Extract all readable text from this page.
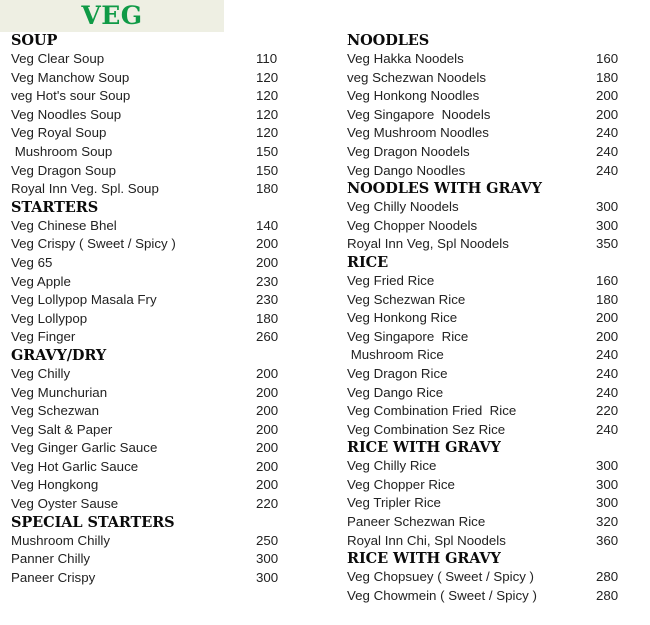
VEG
SOUP
Veg Clear Soup	110
Veg Manchow Soup	120
veg Hot's sour Soup	120
Veg Noodles Soup	120
Veg Royal Soup	120
Mushroom Soup	150
Veg Dragon Soup	150
Royal Inn Veg. Spl. Soup	180
STARTERS
Veg Chinese Bhel	140
Veg Crispy ( Sweet / Spicy )	200
Veg 65	200
Veg Apple	230
Veg Lollypop Masala Fry	230
Veg Lollypop	180
Veg Finger	260
GRAVY/DRY
Veg Chilly	200
Veg Munchurian	200
Veg Schezwan	200
Veg Salt & Paper	200
Veg Ginger Garlic Sauce	200
Veg Hot Garlic Sauce	200
Veg Hongkong	200
Veg Oyster Sause	220
SPECIAL STARTERS
Mushroom Chilly	250
Panner Chilly	300
Paneer Crispy	300
NOODLES
Veg Hakka Noodels	160
veg Schezwan Noodels	180
Veg Honkong Noodles	200
Veg Singapore  Noodels	200
Veg Mushroom Noodles	240
Veg Dragon Noodels	240
Veg Dango Noodles	240
NOODLES WITH GRAVY
Veg Chilly Noodels	300
Veg Chopper Noodels	300
Royal Inn Veg, Spl Noodels	350
RICE
Veg Fried Rice	160
Veg Schezwan Rice	180
Veg Honkong Rice	200
Veg Singapore  Rice	200
Mushroom Rice	240
Veg Dragon Rice	240
Veg Dango Rice	240
Veg Combination Fried  Rice	220
Veg Combination Sez Rice	240
RICE WITH GRAVY
Veg Chilly Rice	300
Veg Chopper Rice	300
Veg Tripler Rice	300
Paneer Schezwan Rice	320
Royal Inn Chi, Spl Noodels	360
RICE WITH GRAVY
Veg Chopsuey ( Sweet / Spicy )	280
Veg Chowmein ( Sweet / Spicy )	280
